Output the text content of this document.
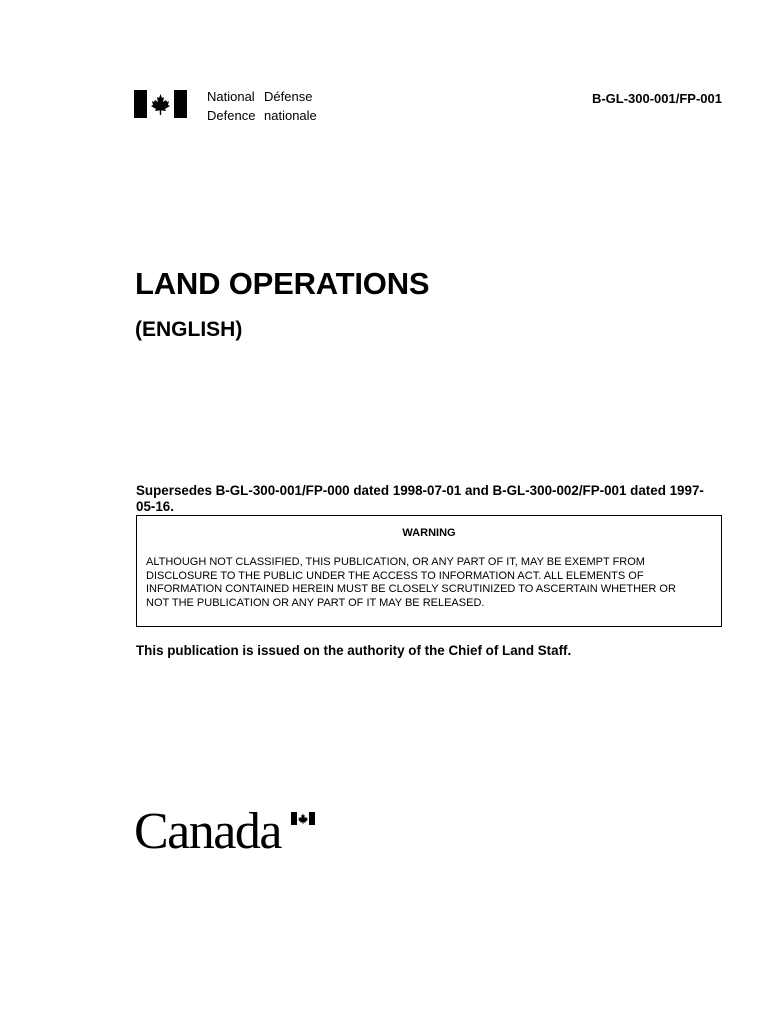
National
Defence
Défense
nationale
B-GL-300-001/FP-001
LAND OPERATIONS
(ENGLISH)
Supersedes B-GL-300-001/FP-000 dated 1998-07-01 and B-GL-300-002/FP-001 dated 1997-05-16.
WARNING
ALTHOUGH NOT CLASSIFIED, THIS PUBLICATION, OR ANY PART OF IT, MAY BE EXEMPT FROM
DISCLOSURE TO THE PUBLIC UNDER THE ACCESS TO INFORMATION ACT. ALL ELEMENTS OF
INFORMATION CONTAINED HEREIN MUST BE CLOSELY SCRUTINIZED TO ASCERTAIN WHETHER OR
NOT THE PUBLICATION OR ANY PART OF IT MAY BE RELEASED.
This publication is issued on the authority of the Chief of Land Staff.
Canada
